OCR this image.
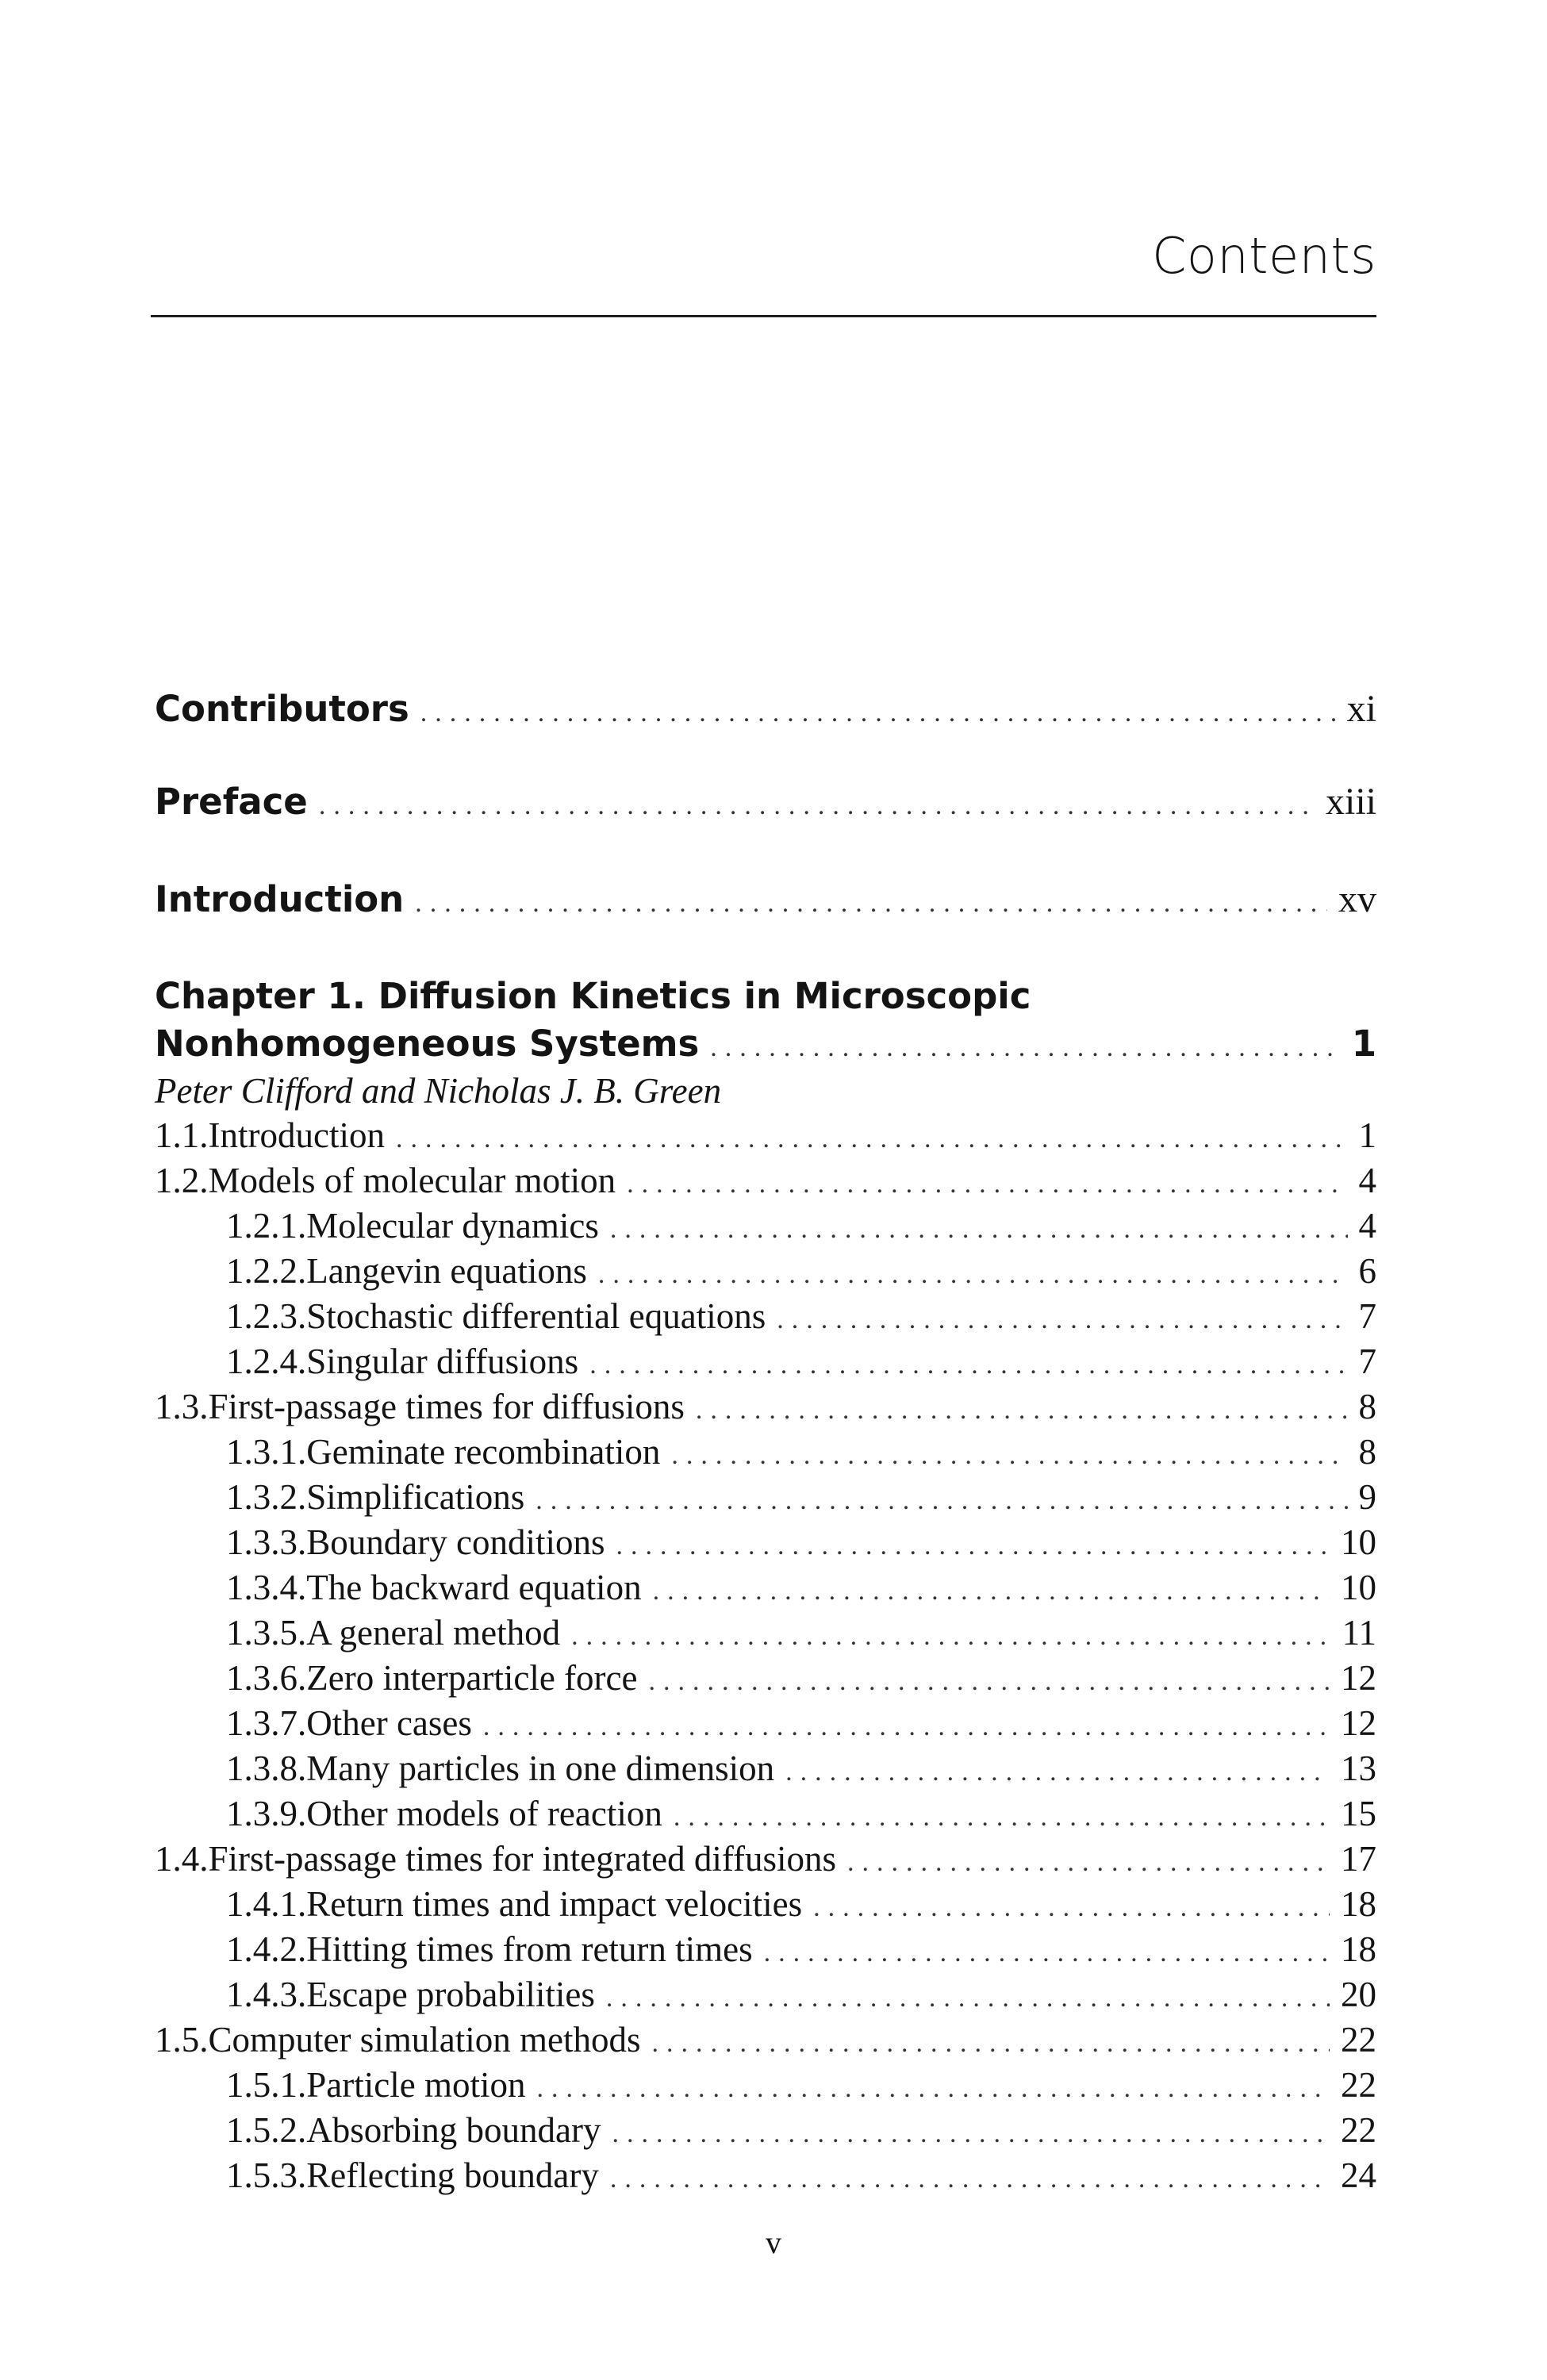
Contents
Contributors .....	xi
Preface .....	xiii
Introduction .....	xv
Chapter 1. Diffusion Kinetics in Microscopic
Nonhomogeneous Systems .....	1
Peter Clifford and Nicholas J. B. Green
1.1. Introduction .....	1
1.2. Models of molecular motion .....	4
1.2.1. Molecular dynamics .....	4
1.2.2. Langevin equations .....	6
1.2.3. Stochastic differential equations .....	7
1.2.4. Singular diffusions .....	7
1.3. First-passage times for diffusions .....	8
1.3.1. Geminate recombination .....	8
1.3.2. Simplifications .....	9
1.3.3. Boundary conditions .....	10
1.3.4. The backward equation .....	10
1.3.5. A general method .....	11
1.3.6. Zero interparticle force .....	12
1.3.7. Other cases .....	12
1.3.8. Many particles in one dimension .....	13
1.3.9. Other models of reaction .....	15
1.4. First-passage times for integrated diffusions .....	17
1.4.1. Return times and impact velocities .....	18
1.4.2. Hitting times from return times .....	18
1.4.3. Escape probabilities .....	20
1.5. Computer simulation methods .....	22
1.5.1. Particle motion .....	22
1.5.2. Absorbing boundary .....	22
1.5.3. Reflecting boundary .....	24
v
